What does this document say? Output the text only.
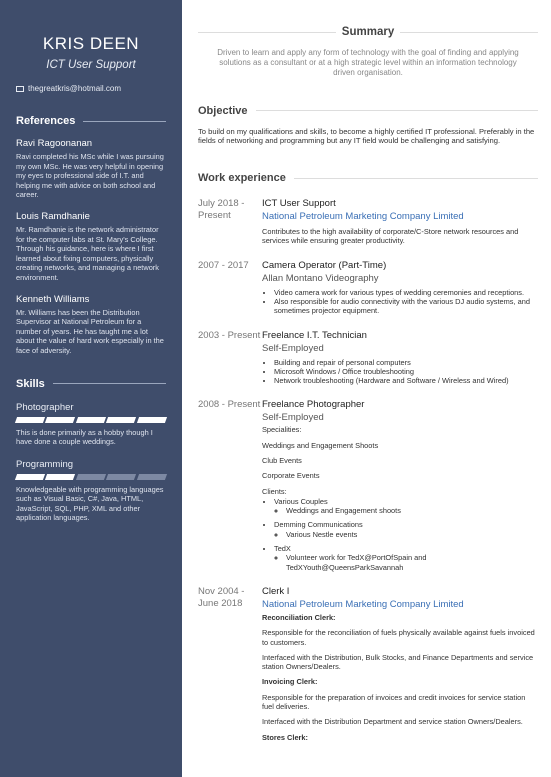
KRIS DEEN
ICT User Support
thegreatkris@hotmail.com
References
Ravi Ragoonanan
Ravi completed his MSc while I was pursuing my own MSc. He was very helpful in opening my eyes to professional side of I.T. and helping me with advice on both school and career.
Louis Ramdhanie
Mr. Ramdhanie is the network administrator for the computer labs at St. Mary's College. Through his guidance, here is where I first learned about fixing computers, physically creating networks, and managing a network environment.
Kenneth Williams
Mr. Williams has been the Distribution Supervisor at National Petroleum for a number of years. He has taught me a lot about the value of hard work especially in the face of adversity.
Skills
Photographer
This is done primarily as a hobby though I have done a couple weddings.
Programming
Knowledgeable with programming languages such as Visual Basic, C#, Java, HTML, JavaScript, SQL, PHP, XML and other application languages.
Summary
Driven to learn and apply any form of technology with the goal of finding and applying solutions as a consultant or at a high strategic level within an information technology driven organisation.
Objective
To build on my qualifications and skills, to become a highly certified IT professional. Preferably in the fields of networking and programming but any IT field would be challenging and satisfying.
Work experience
July 2018 - Present
ICT User Support
National Petroleum Marketing Company Limited
Contributes to the high availability of corporate/C-Store network resources and services while ensuring greater productivity.
2007 - 2017	Camera Operator (Part-Time)
Allan Montano Videography
• Video camera work for various types of wedding ceremonies and receptions.
• Also responsible for audio connectivity with the various DJ audio systems, and sometimes projector equipment.
2003 - Present Freelance I.T. Technician
Self-Employed
• Building and repair of personal computers
• Microsoft Windows / Office troubleshooting
• Network troubleshooting (Hardware and Software / Wireless and Wired)
2008 - Present Freelance Photographer
Self-Employed
Specialities:
Weddings and Engagement Shoots
Club Events
Corporate Events
Clients:
• Various Couples
◦ Weddings and Engagement shoots
• Demming Communications
◦ Various Nestle events
• TedX
◦ Volunteer work for TedX@PortOfSpain and TedXYouth@QueensParkSavannah
Nov 2004 - June 2018
Clerk I
National Petroleum Marketing Company Limited
Reconciliation Clerk:
Responsible for the reconciliation of fuels physically available against fuels invoiced to customers.
Interfaced with the Distribution, Bulk Stocks, and Finance Departments and service station Owners/Dealers.
Invoicing Clerk:
Responsible for the preparation of invoices and credit invoices for service station fuel deliveries.
Interfaced with the Distribution Department and service station Owners/Dealers.
Stores Clerk:
